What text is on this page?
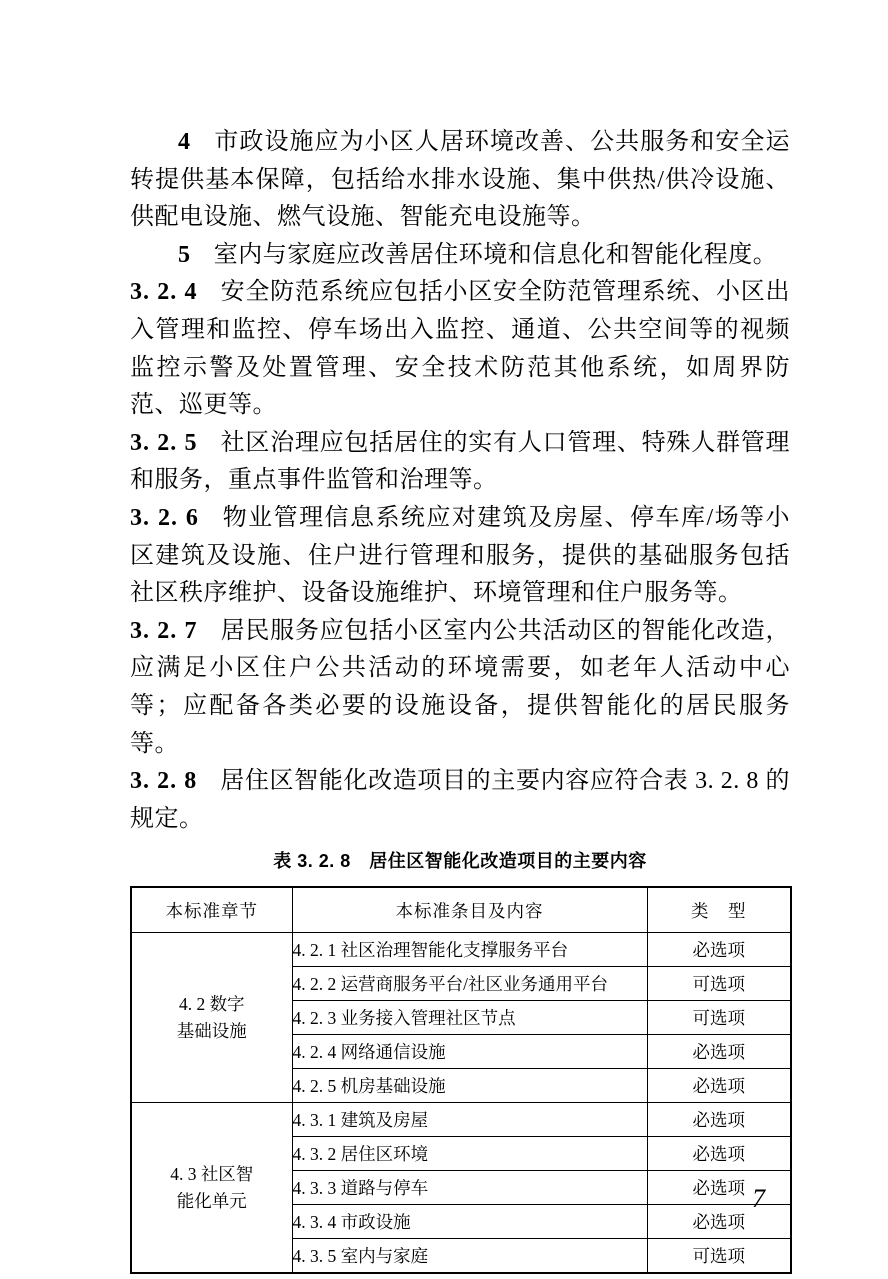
4 市政设施应为小区人居环境改善、公共服务和安全运转提供基本保障，包括给水排水设施、集中供热/供冷设施、供配电设施、燃气设施、智能充电设施等。

5 室内与家庭应改善居住环境和信息化和智能化程度。

3. 2. 4 安全防范系统应包括小区安全防范管理系统、小区出入管理和监控、停车场出入监控、通道、公共空间等的视频监控示警及处置管理、安全技术防范其他系统，如周界防范、巡更等。

3. 2. 5 社区治理应包括居住的实有人口管理、特殊人群管理和服务，重点事件监管和治理等。

3. 2. 6 物业管理信息系统应对建筑及房屋、停车库/场等小区建筑及设施、住户进行管理和服务，提供的基础服务包括社区秩序维护、设备设施维护、环境管理和住户服务等。

3. 2. 7 居民服务应包括小区室内公共活动区的智能化改造，应满足小区住户公共活动的环境需要，如老年人活动中心等；应配备各类必要的设施设备，提供智能化的居民服务等。

3. 2. 8 居住区智能化改造项目的主要内容应符合表 3. 2. 8 的规定。

表 3. 2. 8　居住区智能化改造项目的主要内容
本标准章节	本标准条目及内容	类　型

4. 2 数字
基础设施	4. 2. 1 社区治理智能化支撑服务平台	必选项
	4. 2. 2 运营商服务平台/社区业务通用平台	可选项
	4. 2. 3 业务接入管理社区节点	可选项
	4. 2. 4 网络通信设施	必选项
	4. 2. 5 机房基础设施	必选项

4. 3 社区智
能化单元	4. 3. 1 建筑及房屋	必选项
	4. 3. 2 居住区环境	必选项
	4. 3. 3 道路与停车	必选项
	4. 3. 4 市政设施	必选项
	4. 3. 5 室内与家庭	可选项
7
